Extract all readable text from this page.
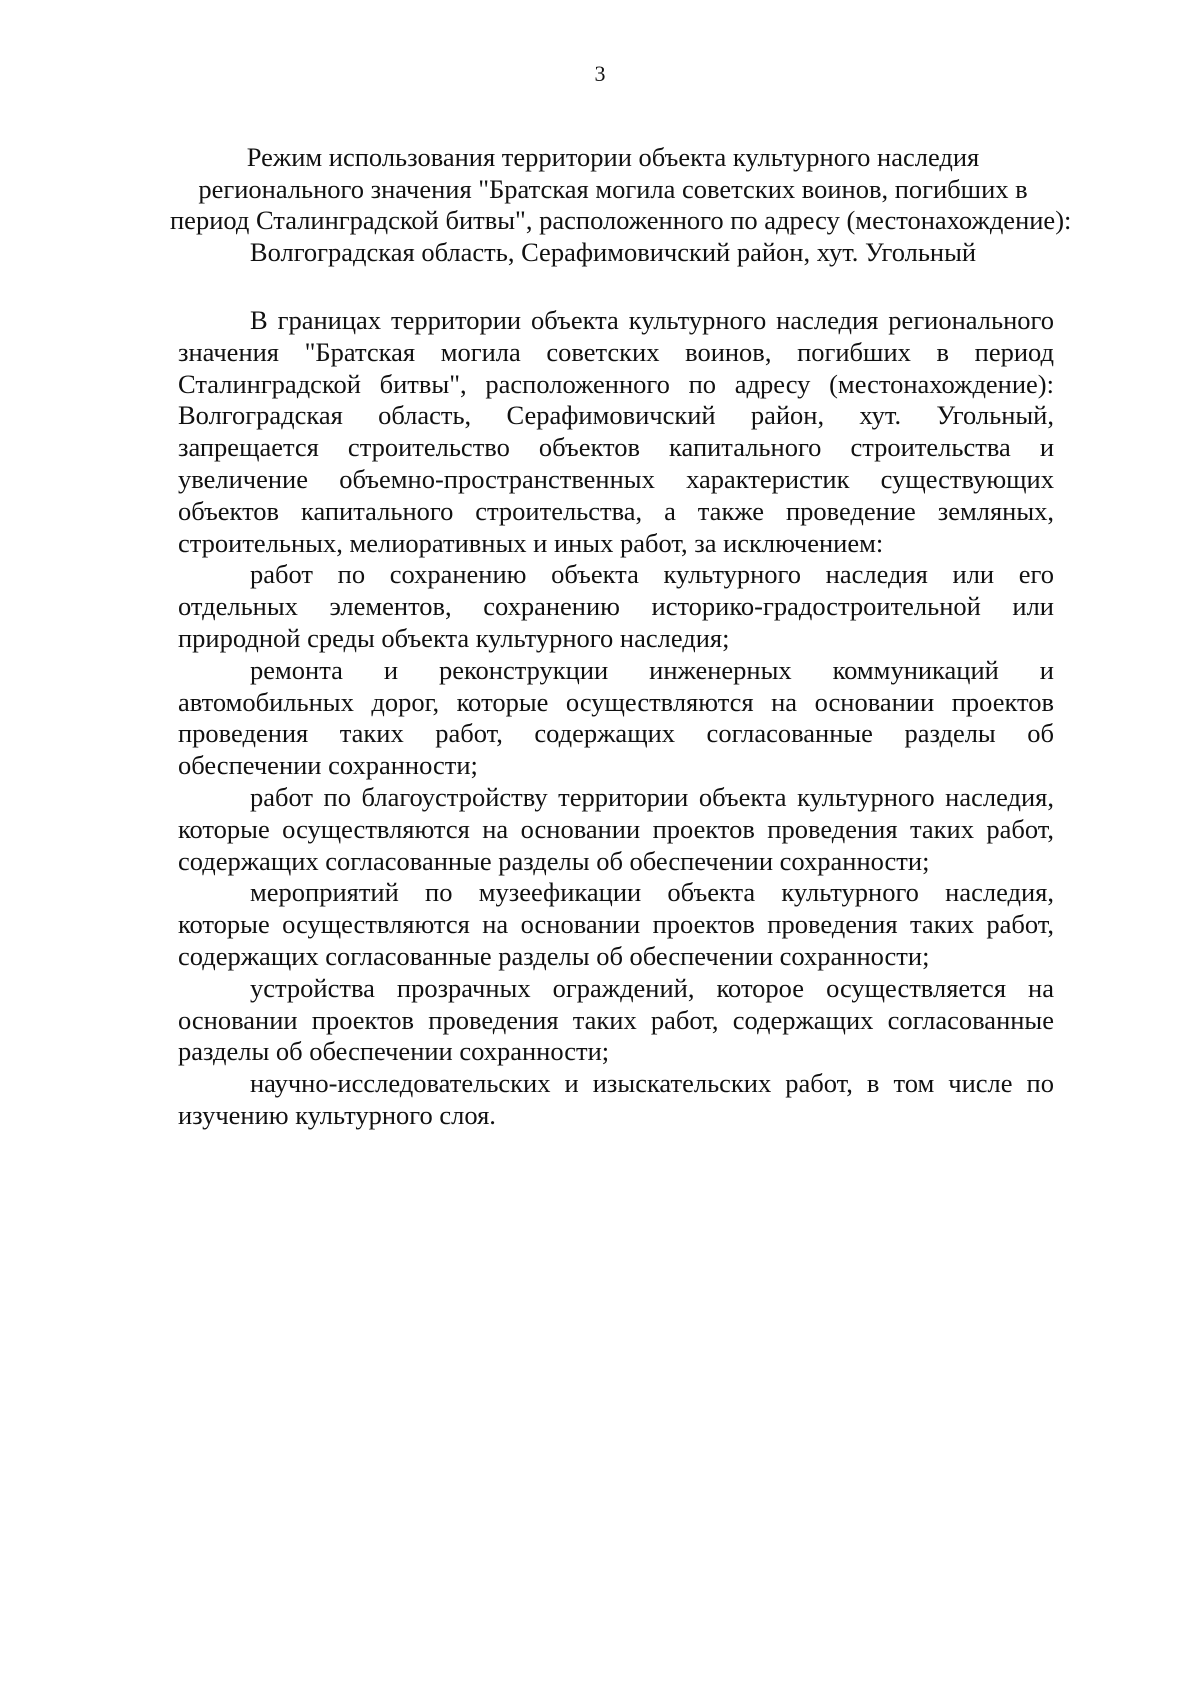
3
Режим использования территории объекта культурного наследия
регионального значения "Братская могила советских воинов, погибших в
период Сталинградской битвы", расположенного по адресу (местонахождение):
Волгоградская область, Серафимовичский район, хут. Угольный

В границах территории объекта культурного наследия регионального значения "Братская могила советских воинов, погибших в период Сталинградской битвы", расположенного по адресу (местонахождение): Волгоградская область, Серафимовичский район, хут. Угольный, запрещается строительство объектов капитального строительства и увеличение объемно-пространственных характеристик существующих объектов капитального строительства, а также проведение земляных, строительных, мелиоративных и иных работ, за исключением:

работ по сохранению объекта культурного наследия или его отдельных элементов, сохранению историко-градостроительной или природной среды объекта культурного наследия;

ремонта и реконструкции инженерных коммуникаций и автомобильных дорог, которые осуществляются на основании проектов проведения таких работ, содержащих согласованные разделы об обеспечении сохранности;

работ по благоустройству территории объекта культурного наследия, которые осуществляются на основании проектов проведения таких работ, содержащих согласованные разделы об обеспечении сохранности;

мероприятий по музеефикации объекта культурного наследия, которые осуществляются на основании проектов проведения таких работ, содержащих согласованные разделы об обеспечении сохранности;

устройства прозрачных ограждений, которое осуществляется на основании проектов проведения таких работ, содержащих согласованные разделы об обеспечении сохранности;

научно-исследовательских и изыскательских работ, в том числе по изучению культурного слоя.
